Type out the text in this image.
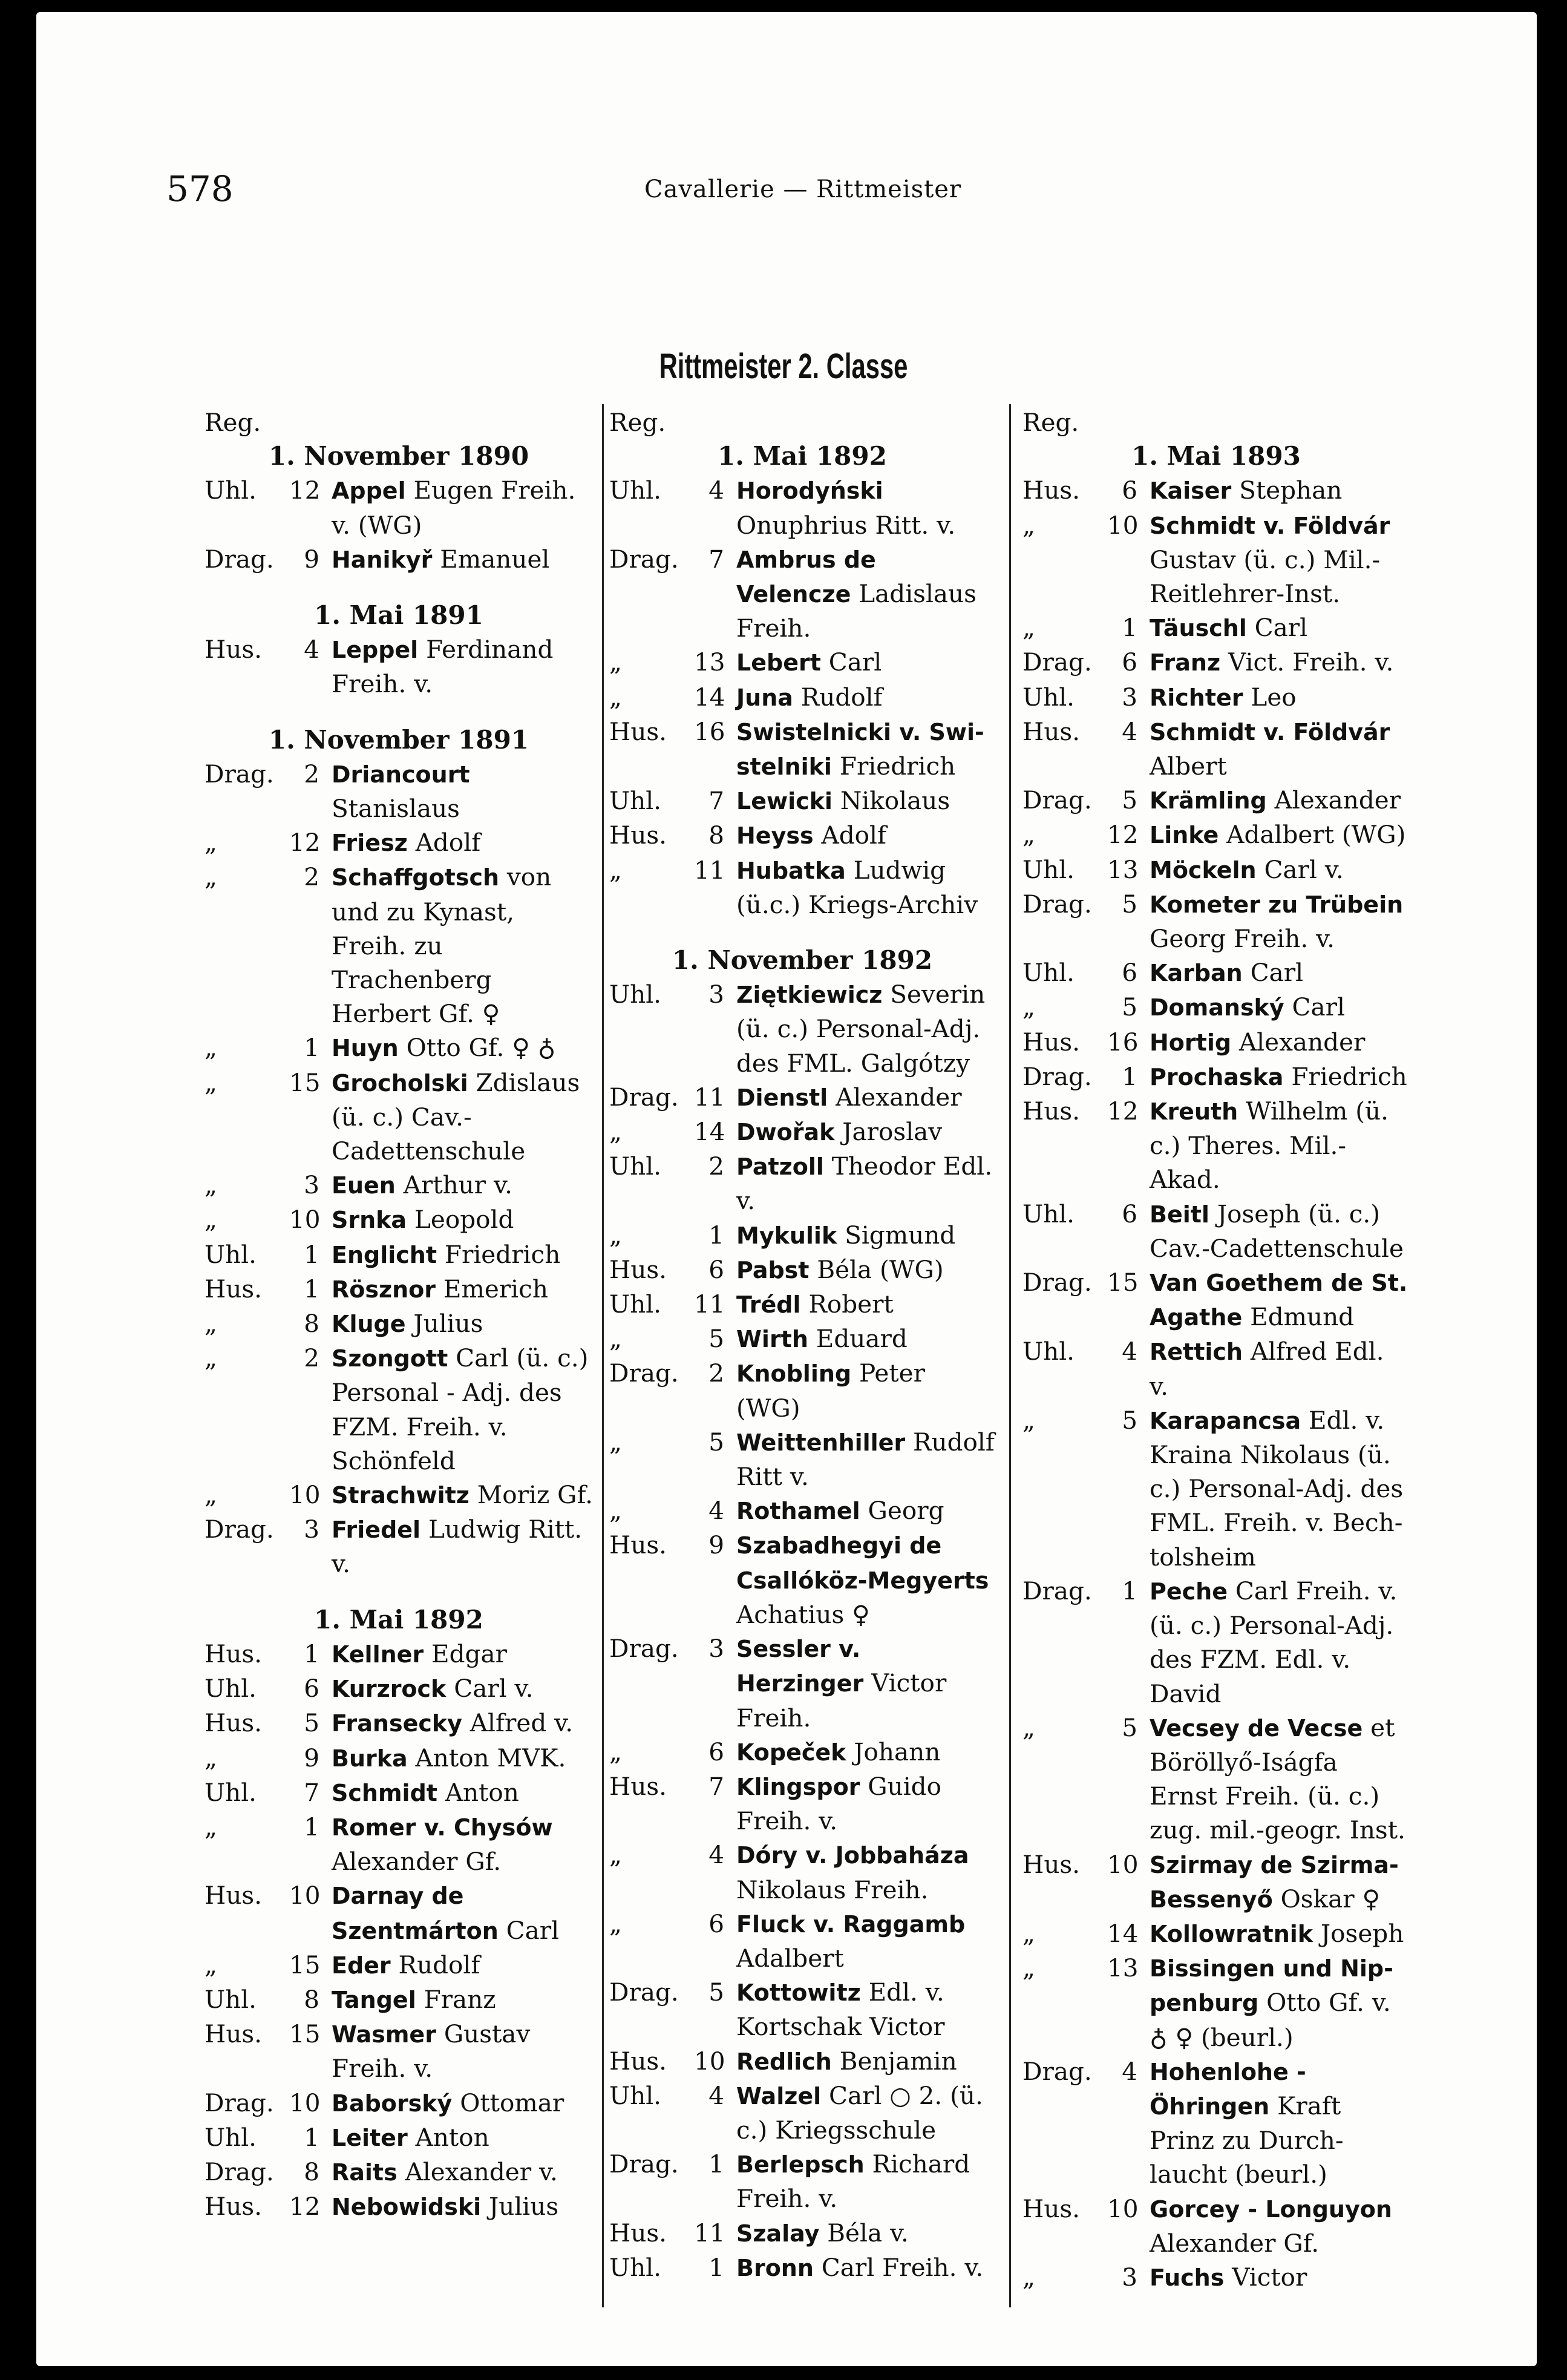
578	Cavallerie — Rittmeister
Rittmeister 2. Classe
Reg.
1. November 1890
Uhl.	12 Appel Eugen Freih. v. (WG)
Drag.	9 Hanikyř Emanuel
1. Mai 1891
Hus.	4 Leppel Ferdinand Freih. v.
1. November 1891
Drag.	2 Driancourt Stanislaus
„	12 Friesz Adolf
„	2 Schaffgotsch von und zu Kynast, Freih. zu Trachenberg Herbert Gf. ♀
„	1 Huyn Otto Gf. ♀ ♁
„	15 Grocholski Zdislaus (ü. c.) Cav.-Cadettenschule
„	3 Euen Arthur v.
„	10 Srnka Leopold
Uhl.	1 Englicht Friedrich
Hus.	1 Rösznor Emerich
„	8 Kluge Julius
„	2 Szongott Carl (ü. c.) Personal - Adj. des FZM. Freih. v. Schönfeld
„	10 Strachwitz Moriz Gf.
Drag.	3 Friedel Ludwig Ritt. v.
1. Mai 1892
Hus.	1 Kellner Edgar
Uhl.	6 Kurzrock Carl v.
Hus.	5 Fransecky Alfred v.
„	9 Burka Anton MVK.
Uhl.	7 Schmidt Anton
„	1 Romer v. Chysów Alexander Gf.
Hus.	10 Darnay de Szentmárton Carl
„	15 Eder Rudolf
Uhl.	8 Tangel Franz
Hus.	15 Wasmer Gustav Freih. v.
Drag. 10 Baborský Ottomar
Uhl.	1 Leiter Anton
Drag.	8 Raits Alexander v.
Hus.	12 Nebowidski Julius
Reg.
1. Mai 1892
Uhl.	4 Horodyński Onuphrius Ritt. v.
Drag.	7 Ambrus de Velencze Ladislaus Freih.
„	13 Lebert Carl
„	14 Juna Rudolf
Hus.	16 Swistelnicki v. Swistelniki Friedrich
Uhl.	7 Lewicki Nikolaus
Hus.	8 Heyss Adolf
„	11 Hubatka Ludwig (ü.c.) Kriegs-Archiv
1. November 1892
Uhl.	3 Ziętkiewicz Severin (ü. c.) Personal-Adj. des FML. Galgótzy
Drag. 11 Dienstl Alexander
„	14 Dwořak Jaroslav
Uhl.	2 Patzoll Theodor Edl. v.
„	1 Mykulik Sigmund
Hus.	6 Pabst Béla (WG)
Uhl.	11 Trédl Robert
„	5 Wirth Eduard
Drag.	2 Knobling Peter (WG)
„	5 Weittenhiller Rudolf Ritt v.
„	4 Rothamel Georg
Hus.	9 Szabadhegyi de Csallóköz-Megyerts Achatius ♀
Drag.	3 Sessler v. Herzinger Victor Freih.
„	6 Kopeček Johann
Hus.	7 Klingspor Guido Freih. v.
„	4 Dóry v. Jobbaháza Nikolaus Freih.
„	6 Fluck v. Raggamb Adalbert
Drag.	5 Kottowitz Edl. v. Kortschak Victor
Hus.	10 Redlich Benjamin
Uhl.	4 Walzel Carl ○ 2. (ü. c.) Kriegsschule
Drag.	1 Berlepsch Richard Freih. v.
Hus.	11 Szalay Béla v.
Uhl.	1 Bronn Carl Freih. v.
Reg.
1. Mai 1893
Hus.	6 Kaiser Stephan
„	10 Schmidt v. Földvár Gustav (ü. c.) Mil.-Reitlehrer-Inst.
„	1 Täuschl Carl
Drag.	6 Franz Vict. Freih. v.
Uhl.	3 Richter Leo
Hus.	4 Schmidt v. Földvár Albert
Drag.	5 Krämling Alexander
„	12 Linke Adalbert (WG)
Uhl.	13 Möckeln Carl v.
Drag.	5 Kometer zu Trübein Georg Freih. v.
Uhl.	6 Karban Carl
„	5 Domanský Carl
Hus.	16 Hortig Alexander
Drag.	1 Prochaska Friedrich
Hus.	12 Kreuth Wilhelm (ü. c.) Theres. Mil.-Akad.
Uhl.	6 Beitl Joseph (ü. c.) Cav.-Cadettenschule
Drag. 15 Van Goethem de St. Agathe Edmund
Uhl.	4 Rettich Alfred Edl. v.
„	5 Karapancsa Edl. v. Kraina Nikolaus (ü. c.) Personal-Adj. des FML. Freih. v. Bechtolsheim
Drag.	1 Peche Carl Freih. v. (ü. c.) Personal-Adj. des FZM. Edl. v. David
„	5 Vecsey de Vecse et Böröllyő-Iságfa Ernst Freih. (ü. c.) zug. mil.-geogr. Inst.
Hus.	10 Szirmay de Szirma-Bessenyő Oskar ♀
„	14 Kollowratnik Joseph
„	13 Bissingen und Nippenburg Otto Gf. v. ♁ ♀ (beurl.)
Drag.	4 Hohenlohe - Öhringen Kraft Prinz zu Durchlaucht (beurl.)
Hus.	10 Gorcey - Longuyon Alexander Gf.
„	3 Fuchs Victor
